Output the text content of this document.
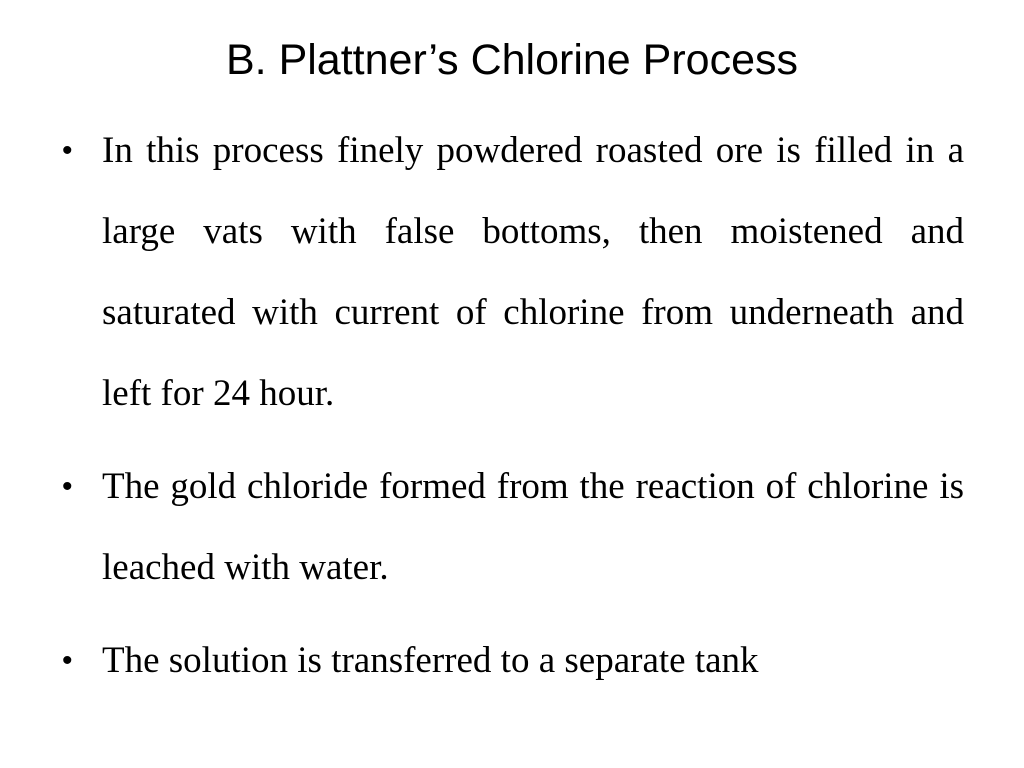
B. Plattner’s Chlorine Process
• In this process finely powdered roasted ore is filled in a large vats with false bottoms, then moistened and saturated with current of chlorine from underneath and left for 24 hour.
• The gold chloride formed from the reaction of chlorine is leached with water.
• The solution is transferred to a separate tank
